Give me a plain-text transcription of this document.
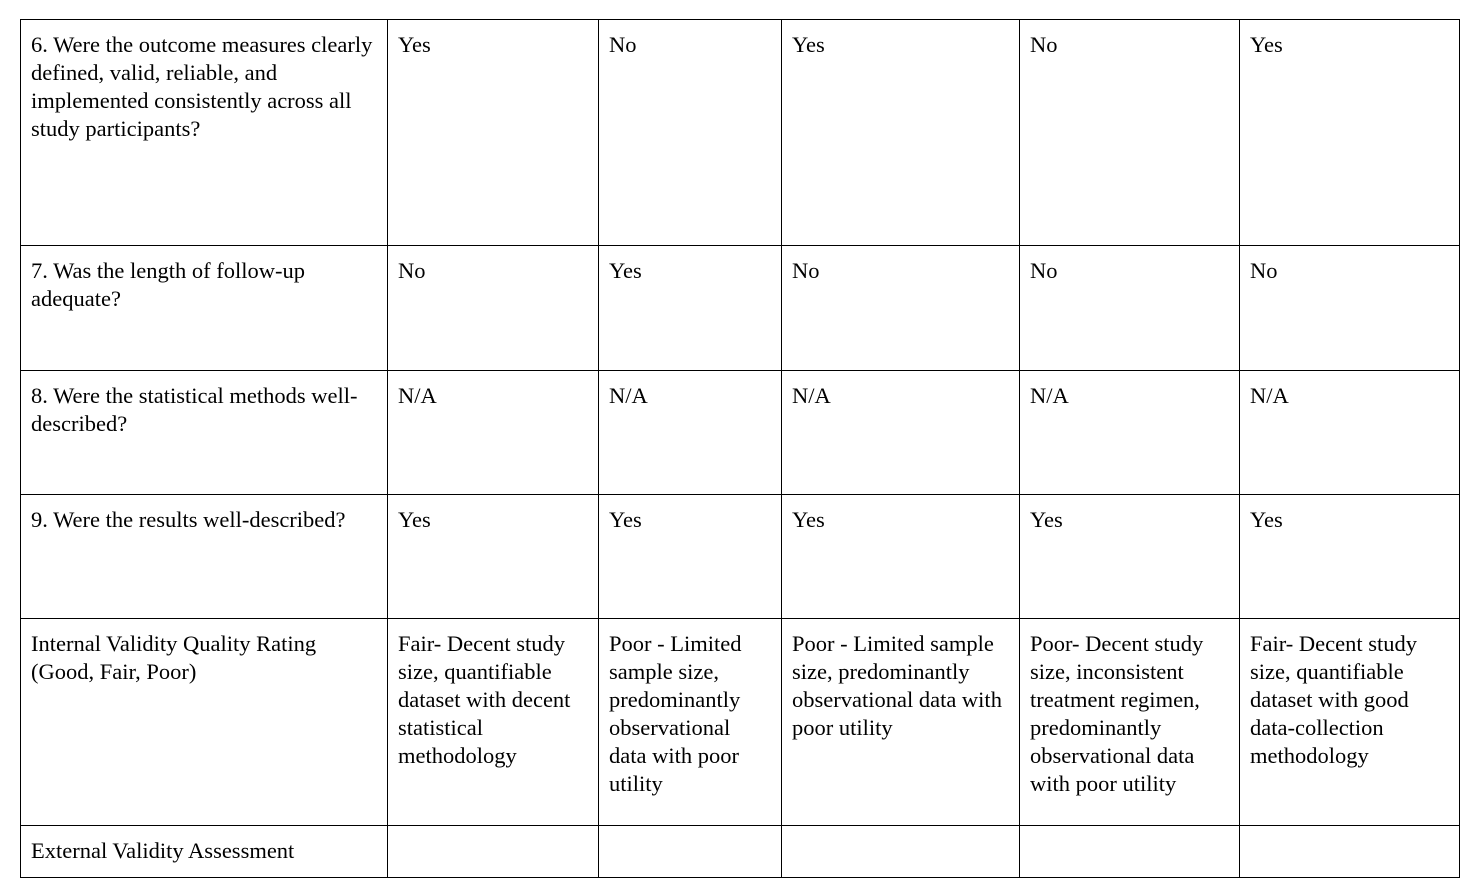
6. Were the outcome measures clearly defined, valid, reliable, and implemented consistently across all study participants?	Yes	No	Yes	No	Yes
7. Was the length of follow-up adequate?	No	Yes	No	No	No
8. Were the statistical methods well-described?	N/A	N/A	N/A	N/A	N/A
9. Were the results well-described?	Yes	Yes	Yes	Yes	Yes
Internal Validity Quality Rating (Good, Fair, Poor)	Fair- Decent study size, quantifiable dataset with decent statistical methodology	Poor - Limited sample size, predominantly observational data with poor utility	Poor - Limited sample size, predominantly observational data with poor utility	Poor- Decent study size, inconsistent treatment regimen, predominantly observational data with poor utility	Fair- Decent study size, quantifiable dataset with good data-collection methodology
External Validity Assessment					
